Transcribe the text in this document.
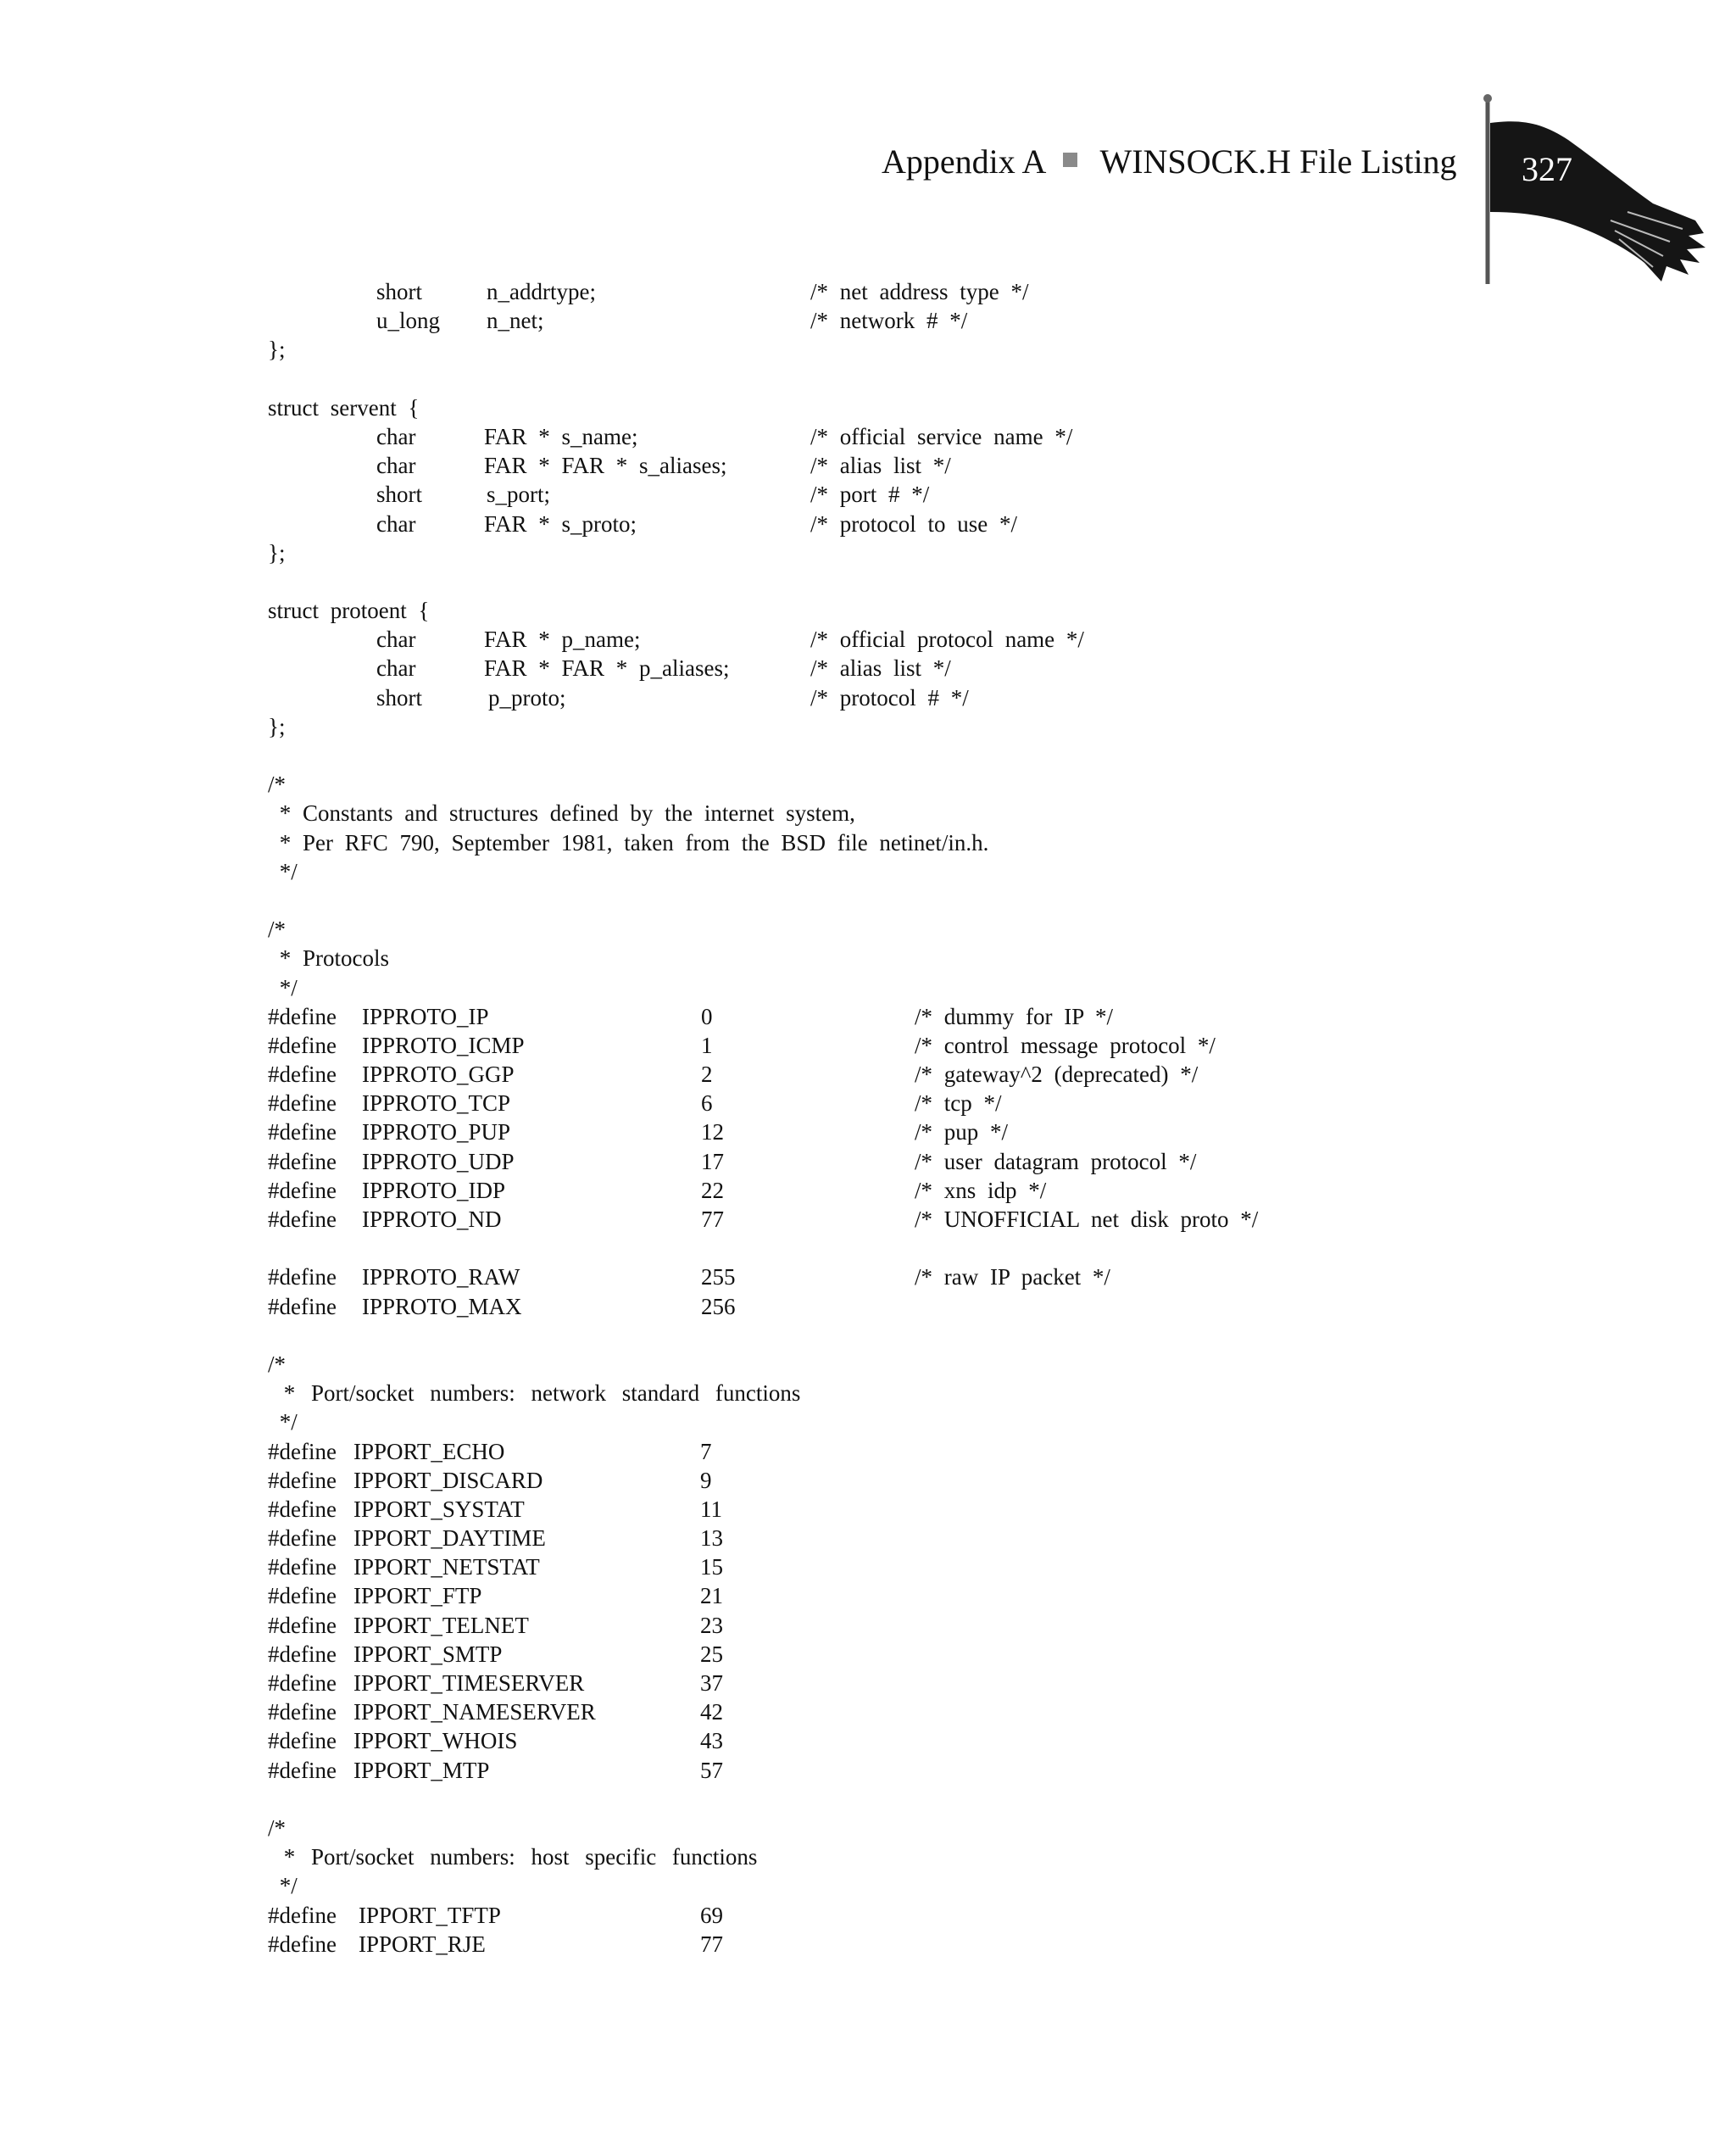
Appendix A WINSOCK.H File Listing 327
short	n_addrtype;	/* net address type */
u_long n_net;	/* network # */
};
struct servent {
char	FAR * s_name;	/* official service name */
char	FAR * FAR * s_aliases;	/* alias list */
short	s_port;	/* port # */
char	FAR * s_proto;	/* protocol to use */
};
struct protoent {
char	FAR * p_name;	/* official protocol name */
char	FAR * FAR * p_aliases;	/* alias list */
short	p_proto;	/* protocol # */
};
/*
* Constants and structures defined by the internet system,
* Per RFC 790, September 1981, taken from the BSD file netinet/in.h.
*/
/*
* Protocols
*/
#define IPPROTO_IP	0	/* dummy for IP */
#define IPPROTO_ICMP	1	/* control message protocol */
#define IPPROTO_GGP	2	/* gateway^2 (deprecated) */
#define IPPROTO_TCP	6	/* tcp */
#define IPPROTO_PUP	12	/* pup */
#define IPPROTO_UDP	17	/* user datagram protocol */
#define IPPROTO_IDP	22	/* xns idp */
#define IPPROTO_ND	77	/* UNOFFICIAL net disk proto */
#define IPPROTO_RAW	255	/* raw IP packet */
#define IPPROTO_MAX	256
/*
* Port/socket numbers: network standard functions
*/
#define IPPORT_ECHO	7
#define IPPORT_DISCARD	9
#define IPPORT_SYSTAT	11
#define IPPORT_DAYTIME	13
#define IPPORT_NETSTAT	15
#define IPPORT_FTP	21
#define IPPORT_TELNET	23
#define IPPORT_SMTP	25
#define IPPORT_TIMESERVER	37
#define IPPORT_NAMESERVER	42
#define IPPORT_WHOIS	43
#define IPPORT_MTP	57
/*
* Port/socket numbers: host specific functions
*/
#define IPPORT_TFTP	69
#define IPPORT_RJE	77
